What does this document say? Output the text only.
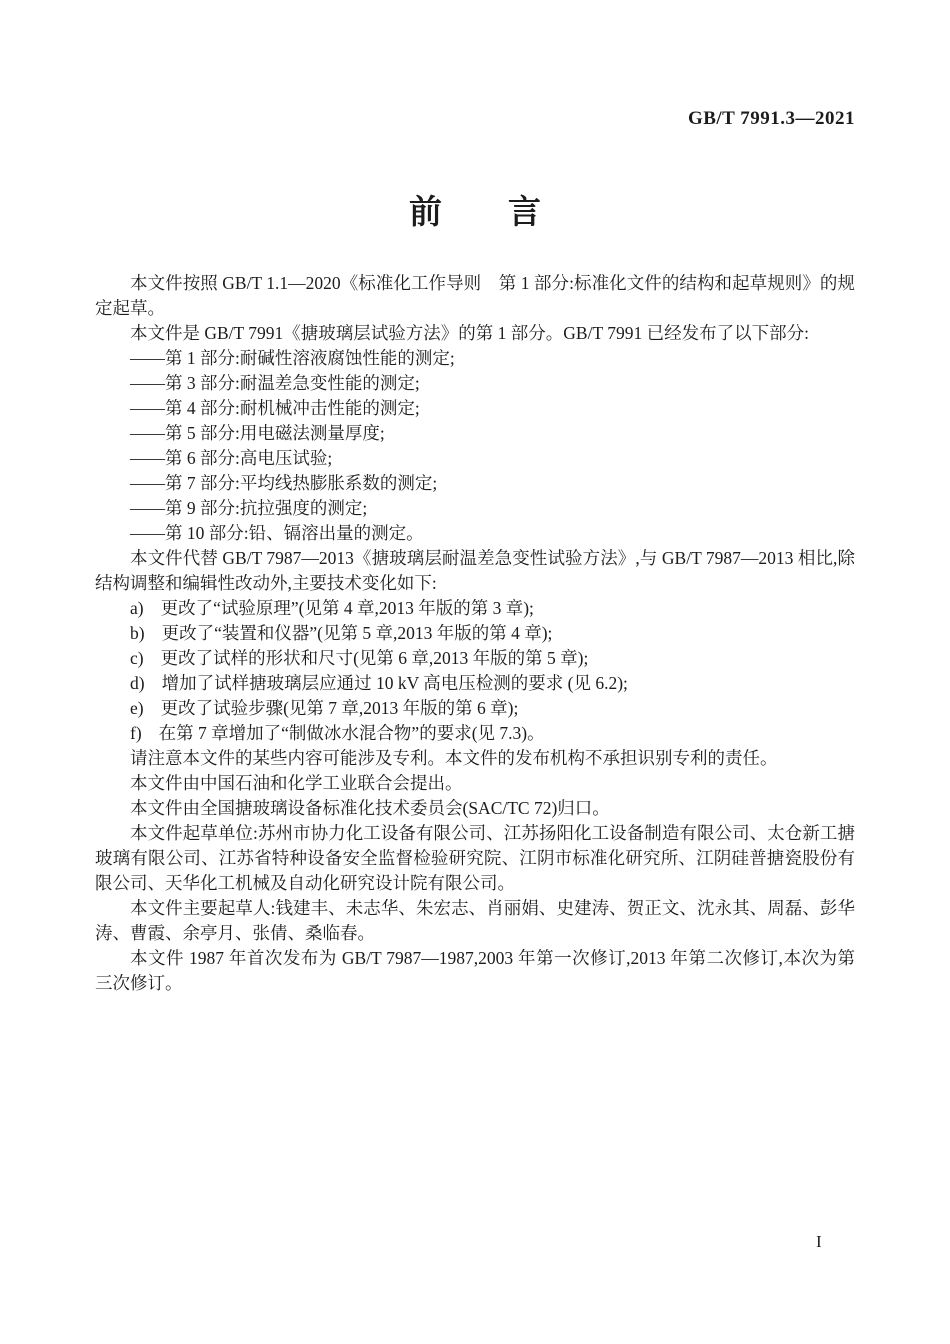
GB/T 7991.3—2021
前　　言
本文件按照 GB/T 1.1—2020《标准化工作导则　第 1 部分:标准化文件的结构和起草规则》的规定起草。
本文件是 GB/T 7991《搪玻璃层试验方法》的第 1 部分。GB/T 7991 已经发布了以下部分:
——第 1 部分:耐碱性溶液腐蚀性能的测定;
——第 3 部分:耐温差急变性能的测定;
——第 4 部分:耐机械冲击性能的测定;
——第 5 部分:用电磁法测量厚度;
——第 6 部分:高电压试验;
——第 7 部分:平均线热膨胀系数的测定;
——第 9 部分:抗拉强度的测定;
——第 10 部分:铅、镉溶出量的测定。
本文件代替 GB/T 7987—2013《搪玻璃层耐温差急变性试验方法》,与 GB/T 7987—2013 相比,除结构调整和编辑性改动外,主要技术变化如下:
a) 更改了“试验原理”(见第 4 章,2013 年版的第 3 章);
b) 更改了“装置和仪器”(见第 5 章,2013 年版的第 4 章);
c) 更改了试样的形状和尺寸(见第 6 章,2013 年版的第 5 章);
d) 增加了试样搪玻璃层应通过 10 kV 高电压检测的要求 (见 6.2);
e) 更改了试验步骤(见第 7 章,2013 年版的第 6 章);
f) 在第 7 章增加了“制做冰水混合物”的要求(见 7.3)。
请注意本文件的某些内容可能涉及专利。本文件的发布机构不承担识别专利的责任。
本文件由中国石油和化学工业联合会提出。
本文件由全国搪玻璃设备标准化技术委员会(SAC/TC 72)归口。
本文件起草单位:苏州市协力化工设备有限公司、江苏扬阳化工设备制造有限公司、太仓新工搪玻璃有限公司、江苏省特种设备安全监督检验研究院、江阴市标准化研究所、江阴硅普搪瓷股份有限公司、天华化工机械及自动化研究设计院有限公司。
本文件主要起草人:钱建丰、未志华、朱宏志、肖丽娟、史建涛、贺正文、沈永其、周磊、彭华涛、曹霞、余亭月、张倩、桑临春。
本文件 1987 年首次发布为 GB/T 7987—1987,2003 年第一次修订,2013 年第二次修订,本次为第三次修订。
I
